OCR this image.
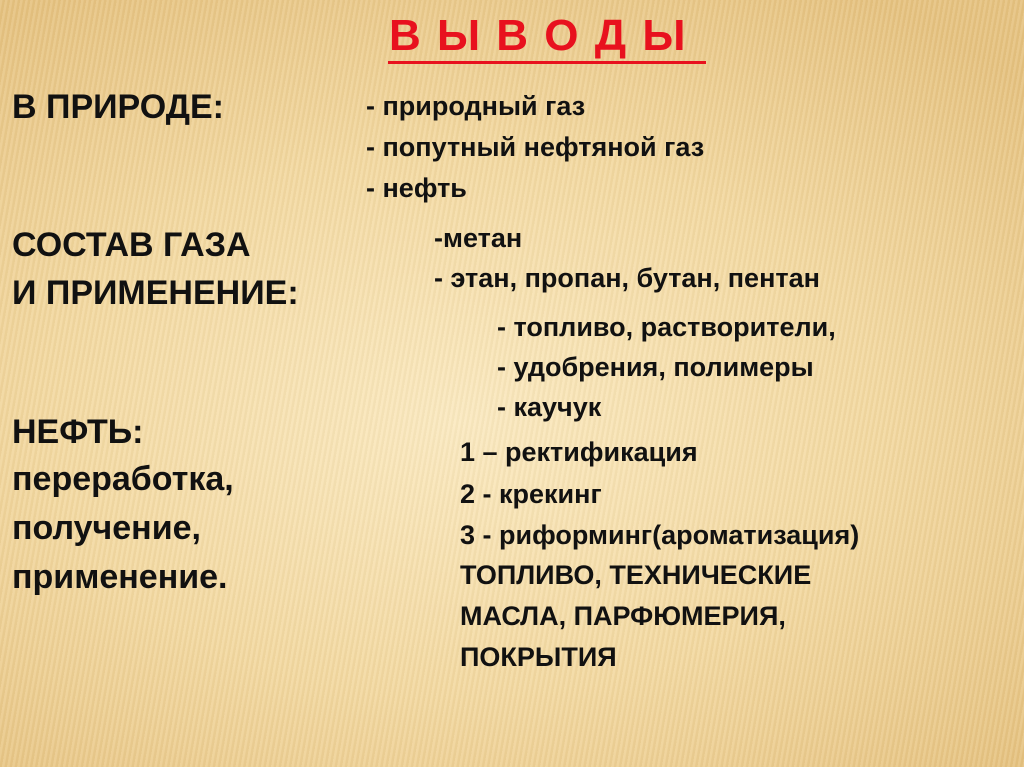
В Ы В О Д Ы
В ПРИРОДЕ:	- природный газ
- попутный нефтяной газ
- нефть
СОСТАВ ГАЗА
И ПРИМЕНЕНИЕ:
-метан
- этан, пропан, бутан, пентан
- топливо, растворители,
- удобрения, полимеры
- каучук
НЕФТЬ:
переработка,
получение,
применение.
1 – ректификация
2 - крекинг
3 - риформинг(ароматизация)
ТОПЛИВО, ТЕХНИЧЕСКИЕ
МАСЛА, ПАРФЮМЕРИЯ,
ПОКРЫТИЯ
